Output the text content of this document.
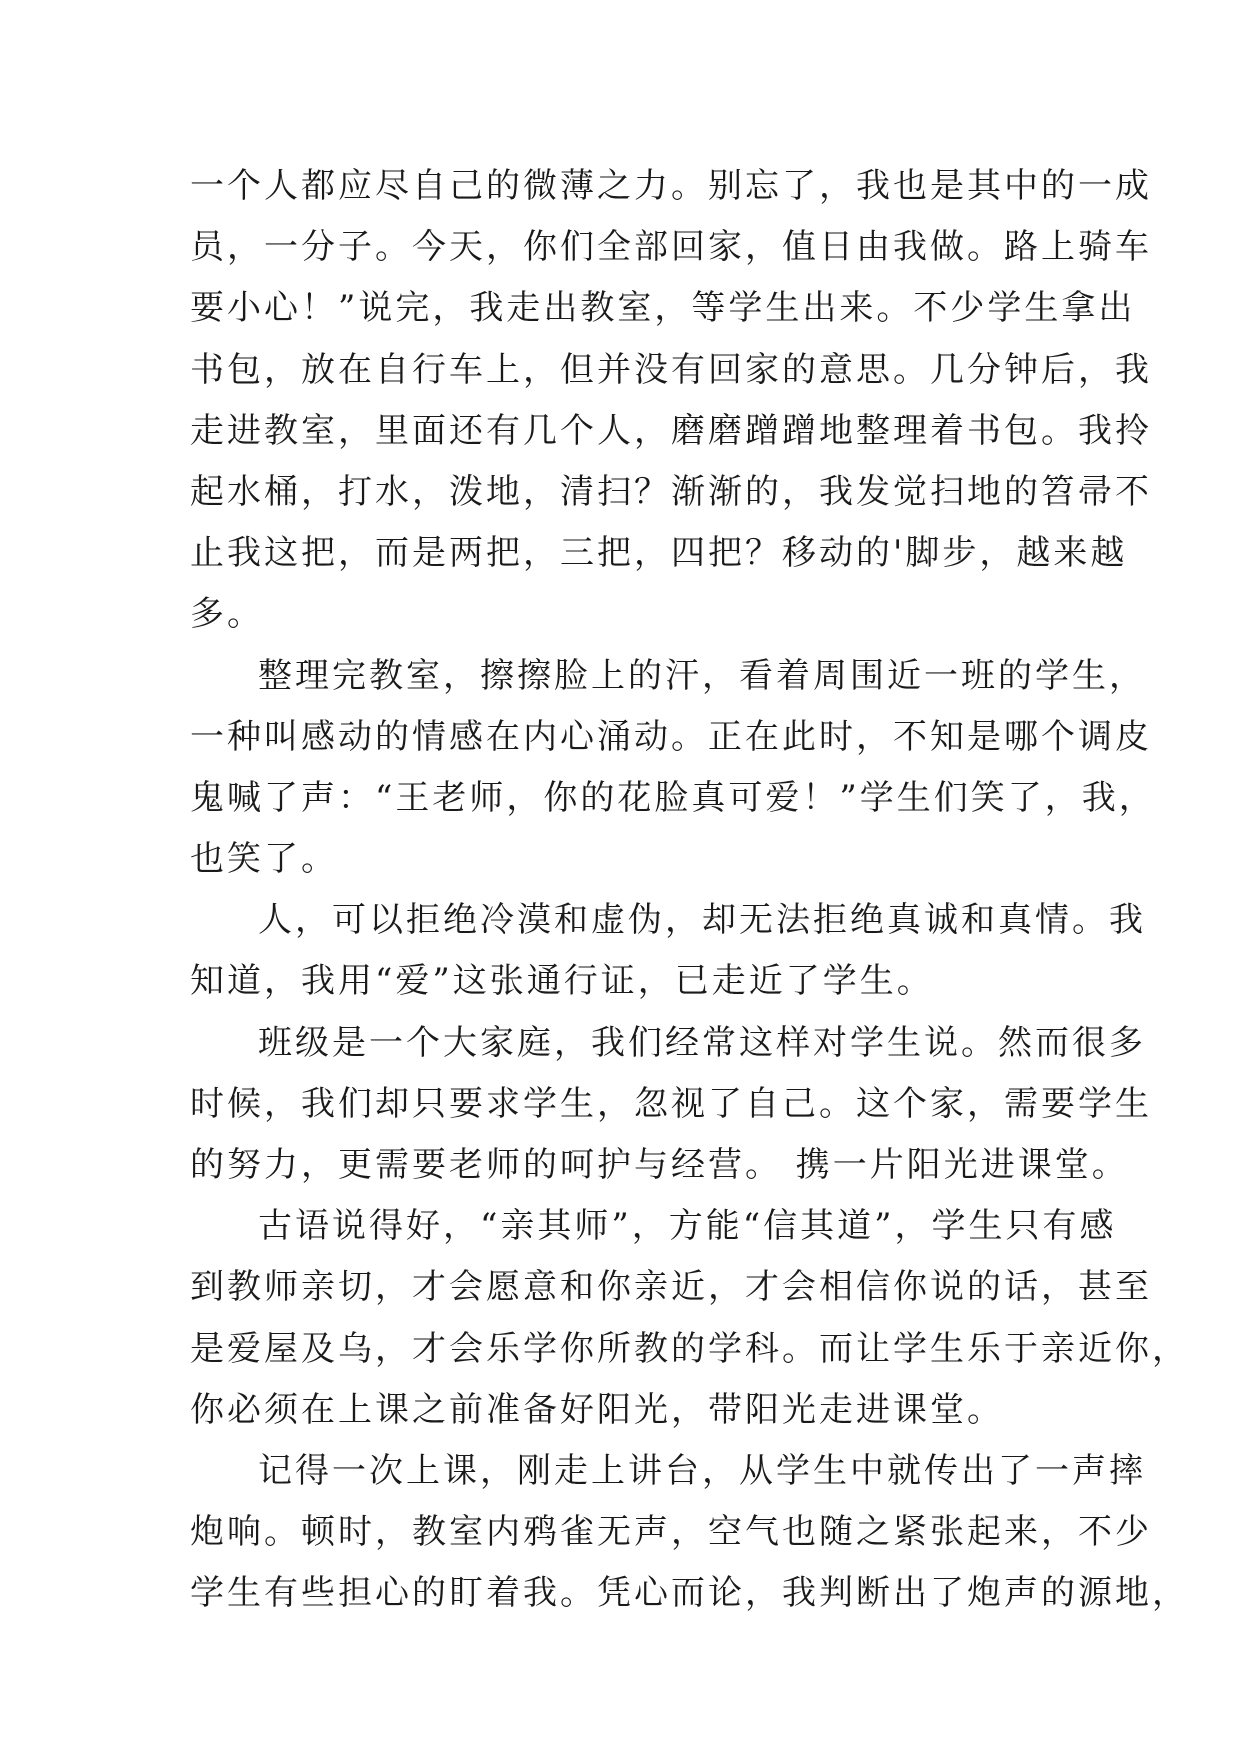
一个人都应尽自己的微薄之力。别忘了，我也是其中的一成
员，一分子。今天，你们全部回家，值日由我做。路上骑车
要小心！”说完，我走出教室，等学生出来。不少学生拿出
书包，放在自行车上，但并没有回家的意思。几分钟后，我
走进教室，里面还有几个人，磨磨蹭蹭地整理着书包。我拎
起水桶，打水，泼地，清扫？渐渐的，我发觉扫地的笤帚不
止我这把，而是两把，三把，四把？移动的'脚步，越来越
多。
整理完教室，擦擦脸上的汗，看着周围近一班的学生，
一种叫感动的情感在内心涌动。正在此时，不知是哪个调皮
鬼喊了声：“王老师，你的花脸真可爱！”学生们笑了，我，
也笑了。
人，可以拒绝冷漠和虚伪，却无法拒绝真诚和真情。我
知道，我用“爱”这张通行证，已走近了学生。
班级是一个大家庭，我们经常这样对学生说。然而很多
时候，我们却只要求学生，忽视了自己。这个家，需要学生
的努力，更需要老师的呵护与经营。 携一片阳光进课堂。
古语说得好，“亲其师”，方能“信其道”，学生只有感
到教师亲切，才会愿意和你亲近，才会相信你说的话，甚至
是爱屋及乌，才会乐学你所教的学科。而让学生乐于亲近你，
你必须在上课之前准备好阳光，带阳光走进课堂。
记得一次上课，刚走上讲台，从学生中就传出了一声摔
炮响。顿时，教室内鸦雀无声，空气也随之紧张起来，不少
学生有些担心的盯着我。凭心而论，我判断出了炮声的源地，
